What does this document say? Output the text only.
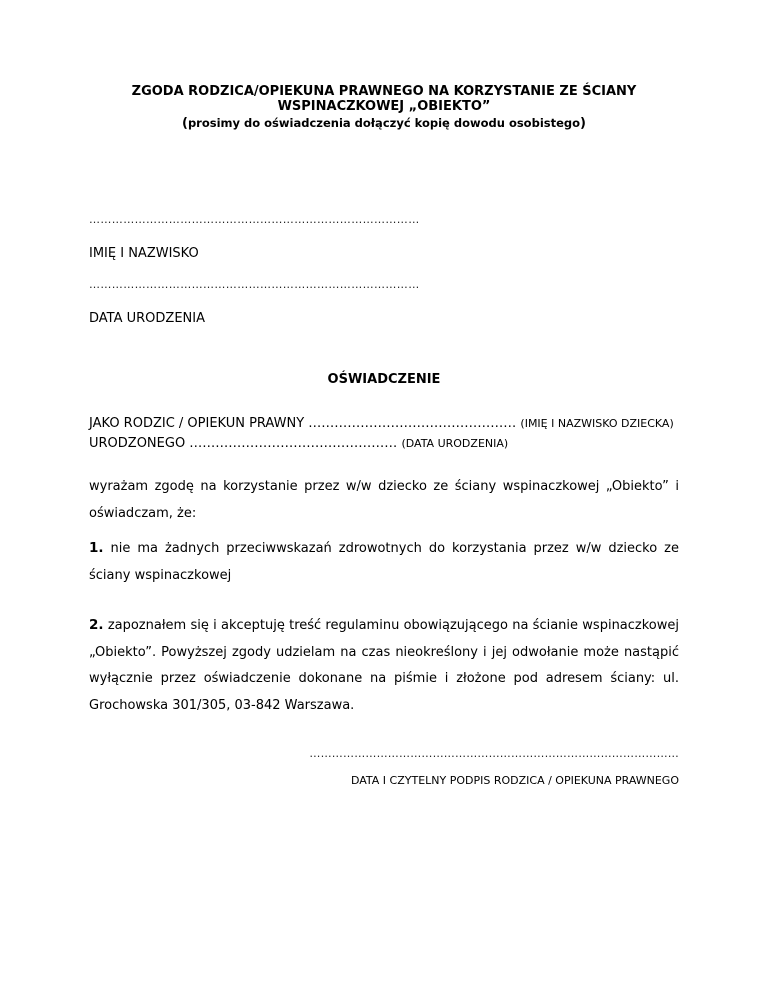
ZGODA RODZICA/OPIEKUNA PRAWNEGO NA KORZYSTANIE ZE ŚCIANY

WSPINACZKOWEJ „OBIEKTO”

(prosimy do oświadczenia dołączyć kopię dowodu osobistego)

……………………………………………………………………………
IMIĘ I NAZWISKO
……………………………………………………………………………
DATA URODZENIA
OŚWIADCZENIE
JAKO RODZIC / OPIEKUN PRAWNY ………………………………………… (IMIĘ I NAZWISKO DZIECKA)
URODZONEGO ………………………………………… (DATA URODZENIA)
wyrażam zgodę na korzystanie przez w/w dziecko ze ściany wspinaczkowej „Obiekto” i oświadczam, że:
1. nie ma żadnych przeciwwskazań zdrowotnych do korzystania przez w/w dziecko ze ściany wspinaczkowej
2. zapoznałem się i akceptuję treść regulaminu obowiązującego na ścianie wspinaczkowej „Obiekto”. Powyższej zgody udzielam na czas nieokreślony i jej odwołanie może nastąpić wyłącznie przez oświadczenie dokonane na piśmie i złożone pod adresem ściany: ul. Grochowska 301/305, 03-842 Warszawa.
………………………………………………………………………………………
DATA I CZYTELNY PODPIS RODZICA / OPIEKUNA PRAWNEGO
